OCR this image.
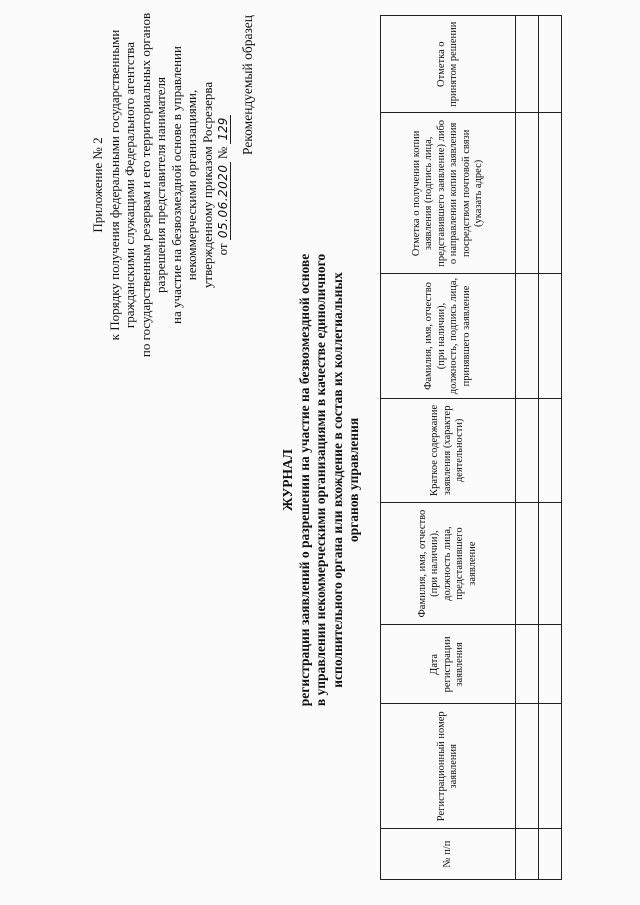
Приложение № 2 к Порядку получения федеральными государственными гражданскими служащими Федерального агентства по государственным резервам и его территориальных органов разрешения представителя нанимателя на участие на безвозмездной основе в управлении некоммерческими организациями, утвержденному приказом Росрезерва от 05.06.2020 № 129 Рекомендуемый образец
ЖУРНАЛ регистрации заявлений о разрешении на участие на безвозмездной основе в управлении некоммерческими организациями в качестве единоличного исполнительного органа или вхождение в состав их коллегиальных органов управления
№ п/п	Регистрационный номер заявления	Дата регистрации заявления	Фамилия, имя, отчество (при наличии), должность лица, представившего заявление	Краткое содержание заявления (характер деятельности)	Фамилия, имя, отчество (при наличии), должность, подпись лица, принявшего заявление	Отметка о получении копии заявления (подпись лица, представившего заявление) либо о направлении копии заявления посредством почтовой связи (указать адрес)	Отметка о принятом решении
